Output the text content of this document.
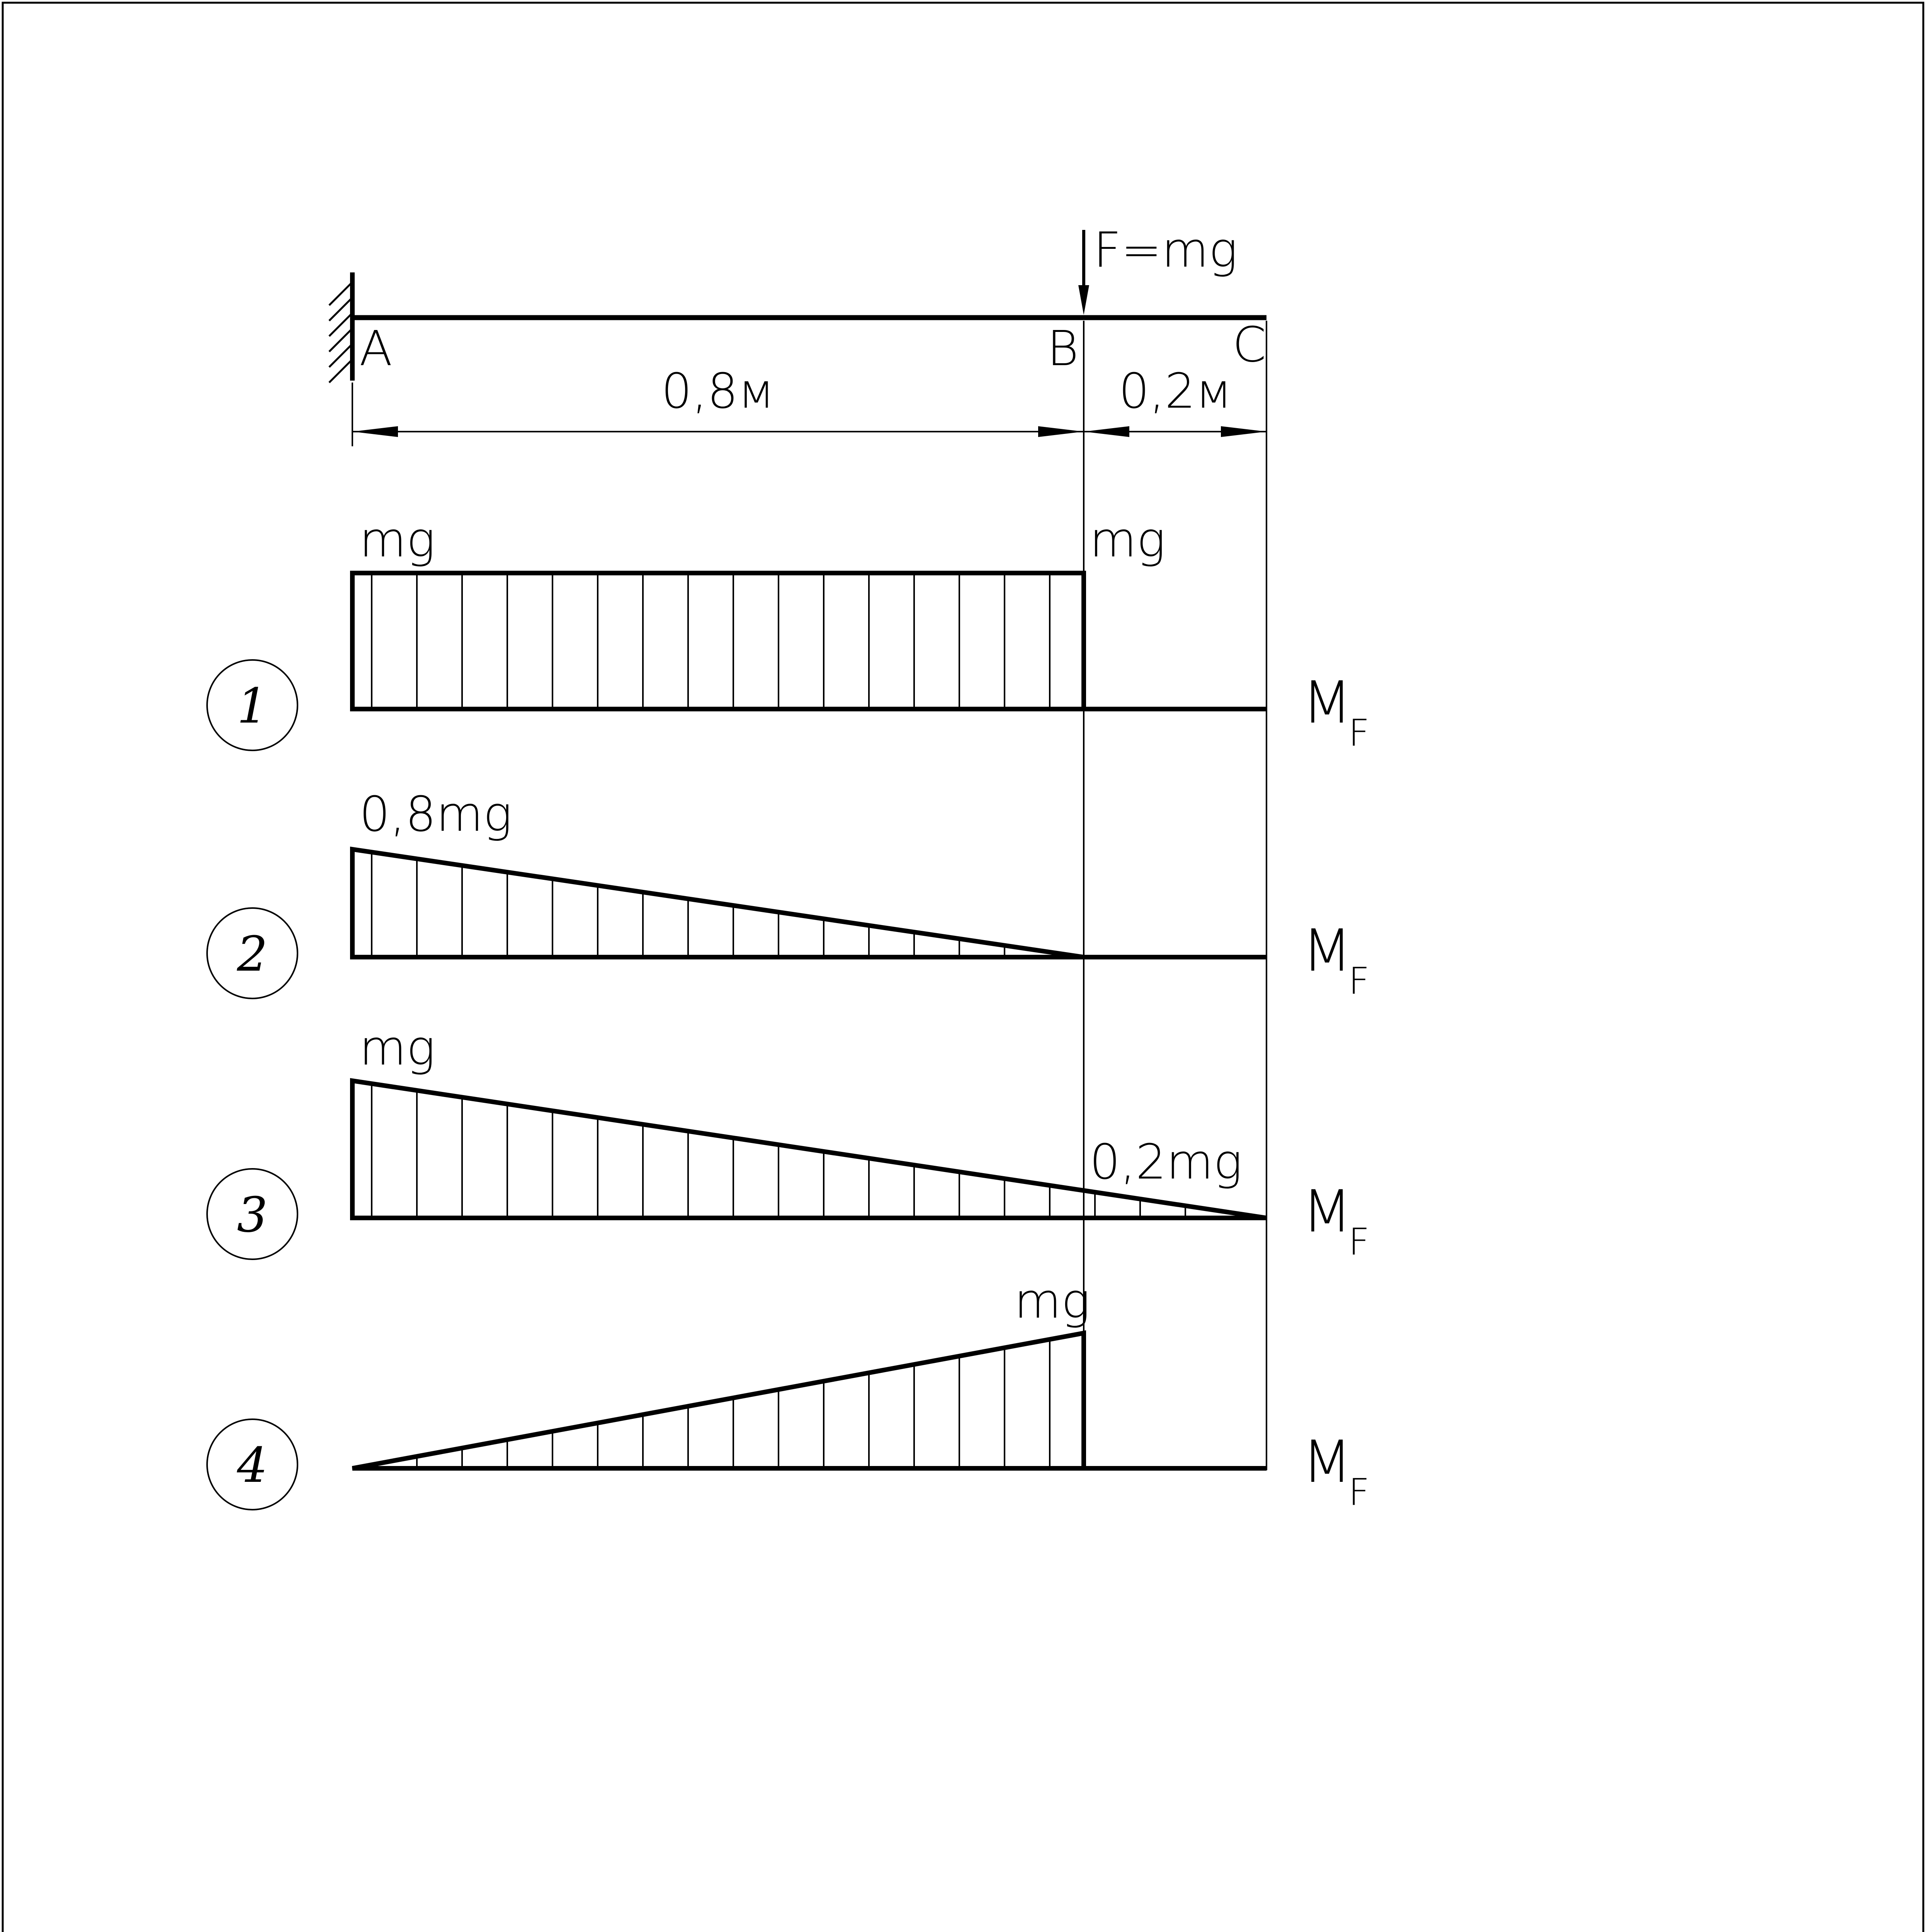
F=mg
A	B	C
0,8м	0,2м
mg	mg
1	M
F
0,8mg
2	M
F
mg
0,2mg
3	M
F
mg
4	M
F
